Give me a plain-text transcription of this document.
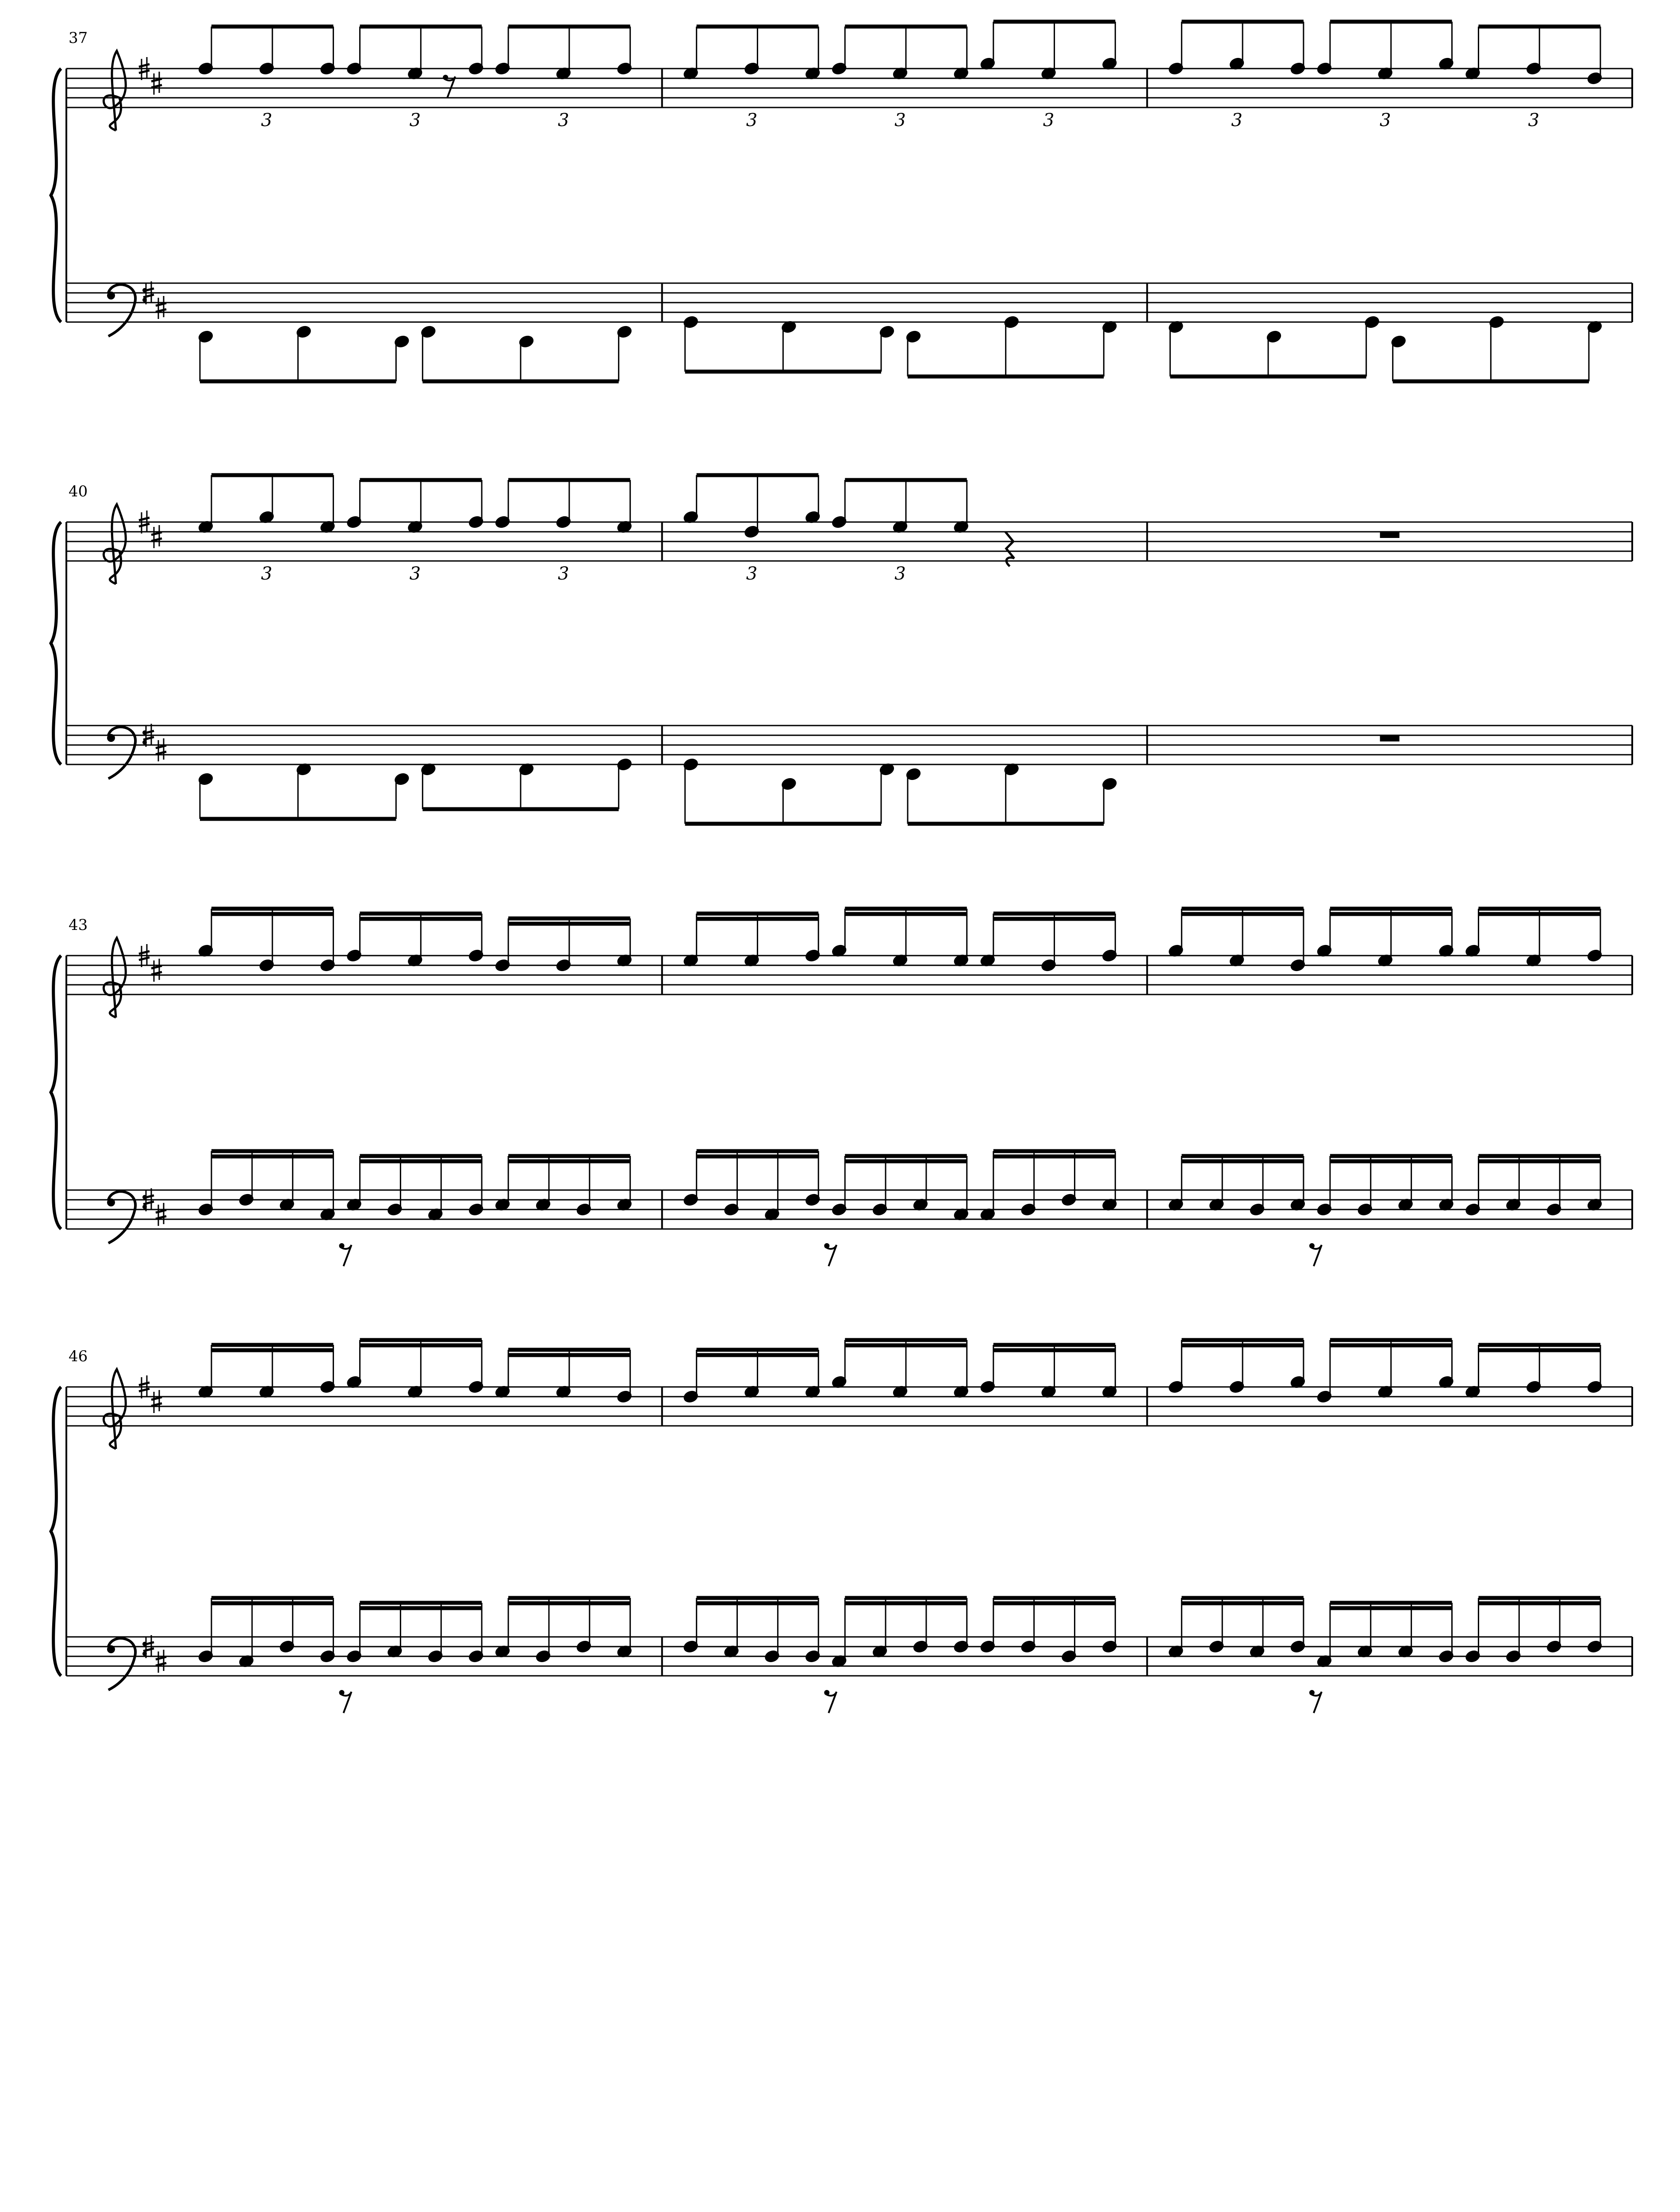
37
3	3	3	3	3	3	3	3	3
40
3	3	3	3	3
43
46
